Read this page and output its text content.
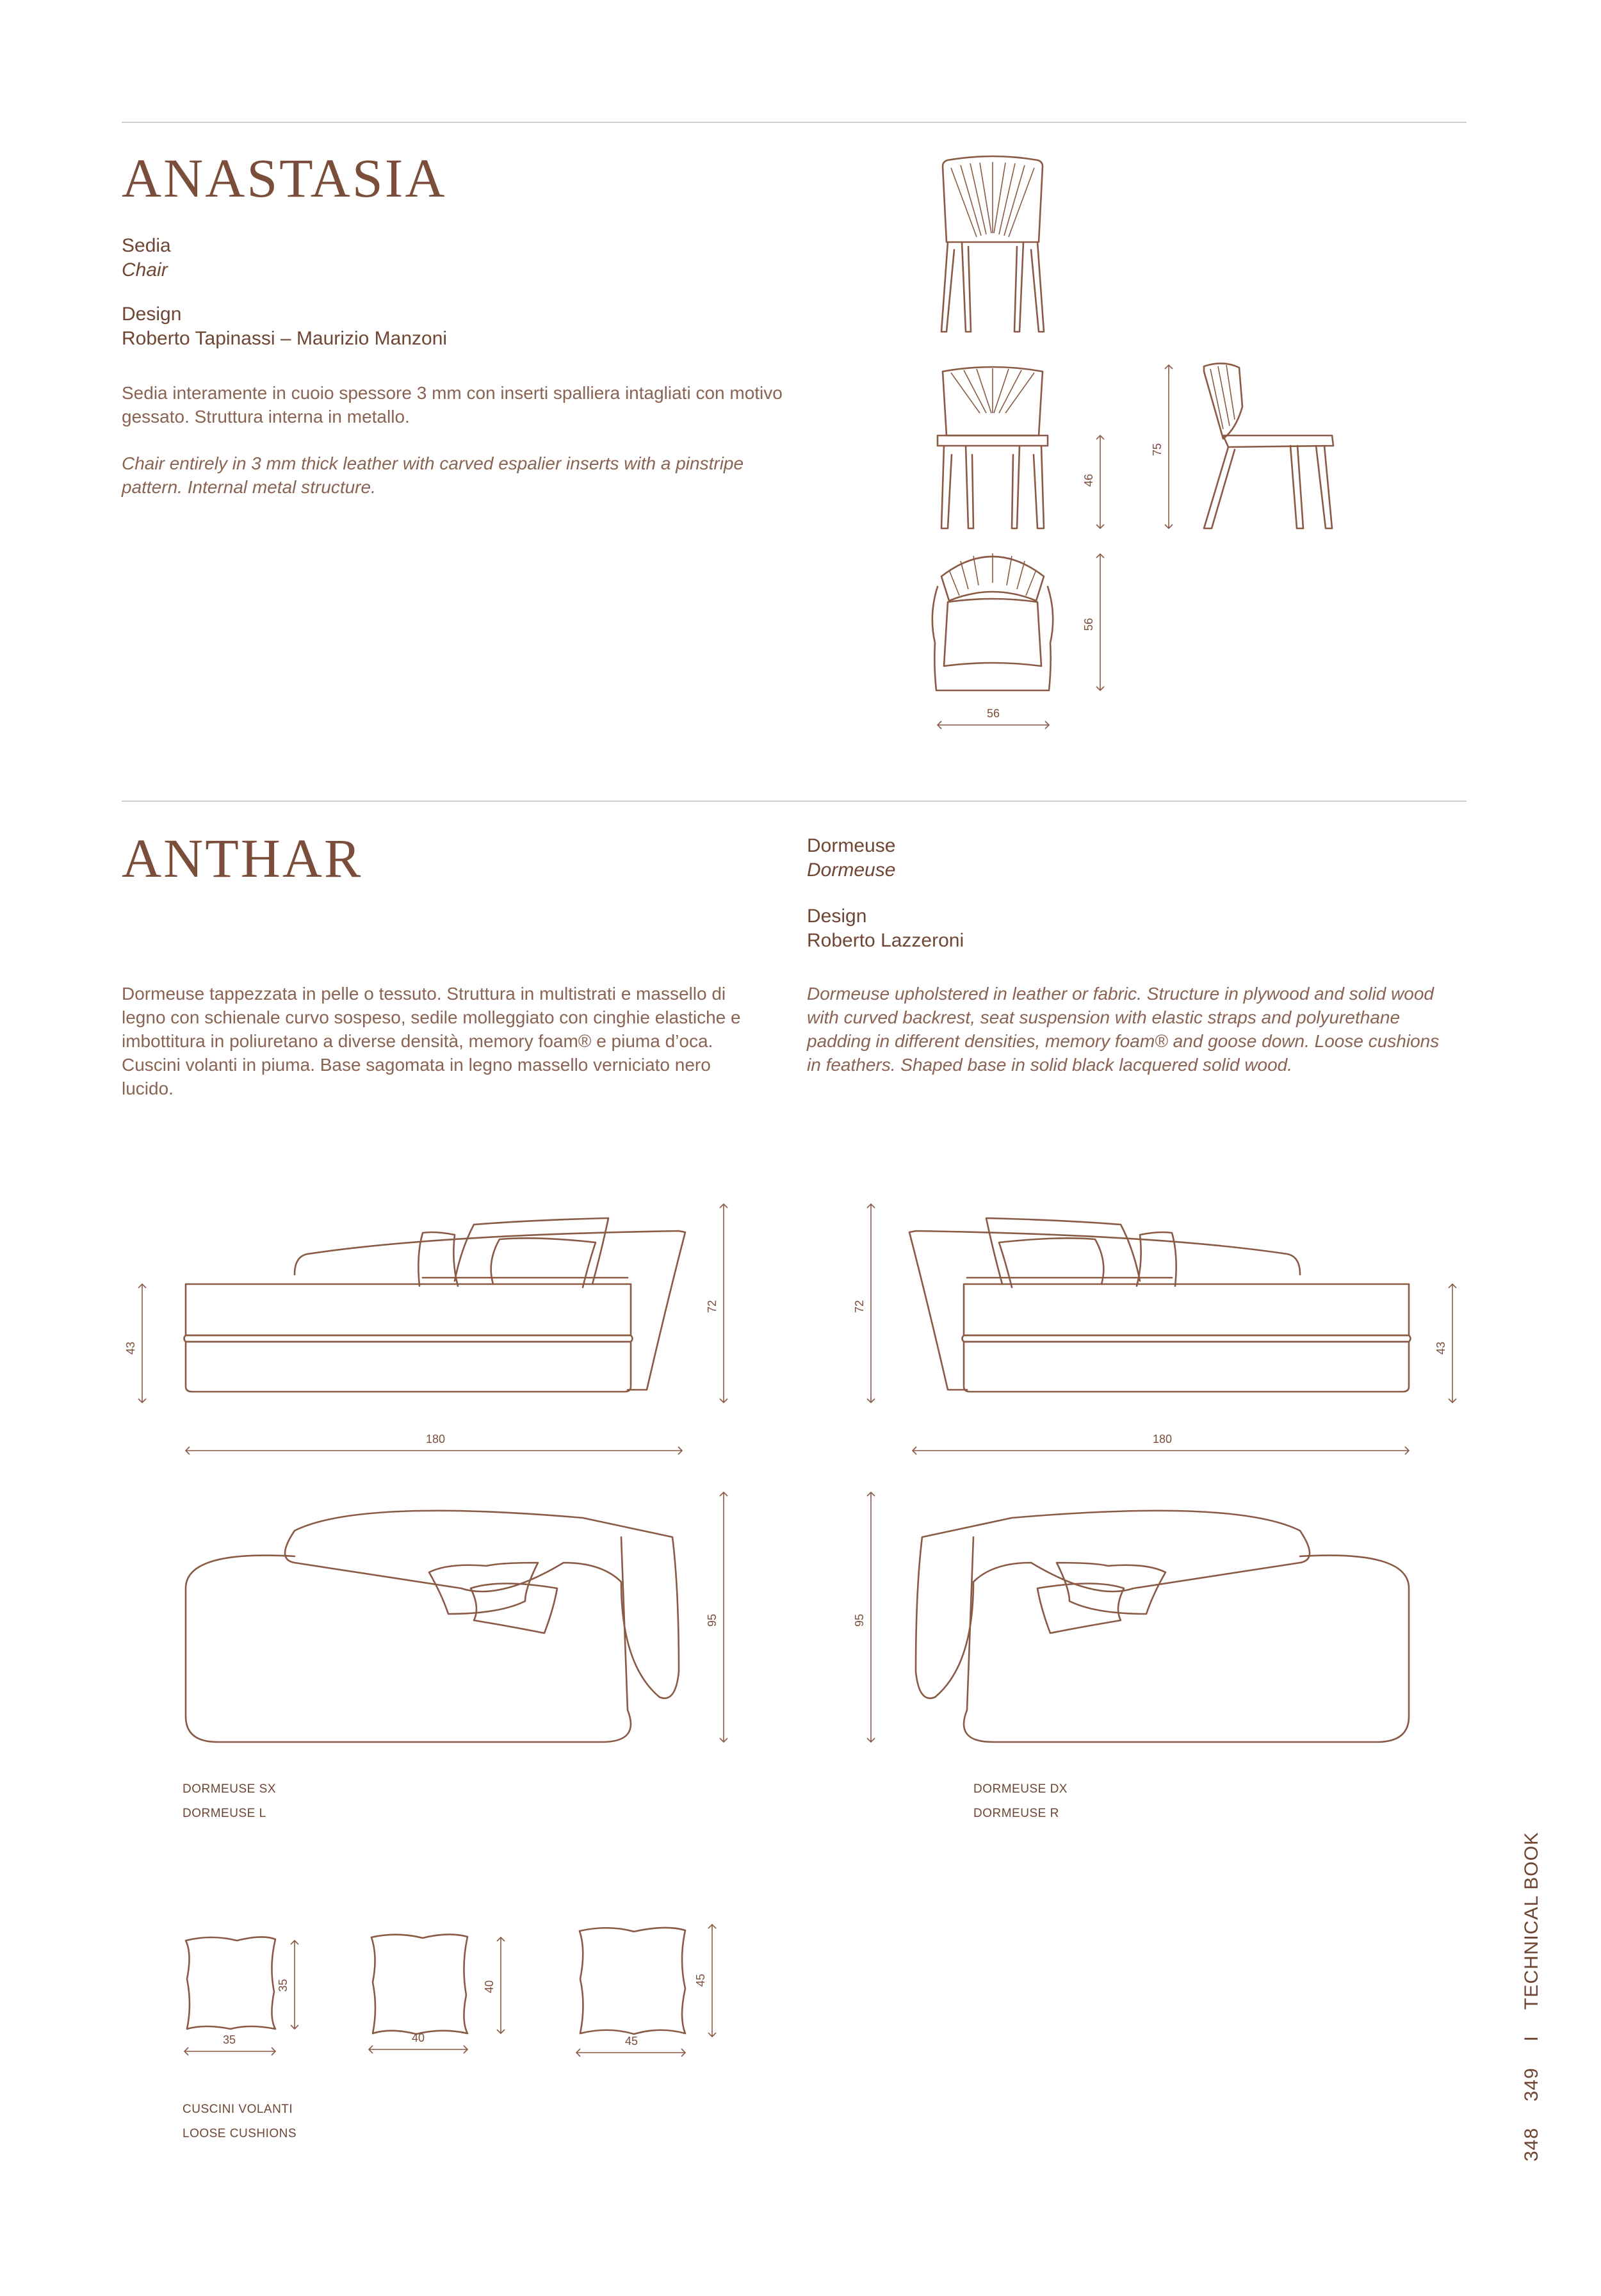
ANASTASIA
Sedia
Chair
Design
Roberto Tapinassi – Maurizio Manzoni
Sedia interamente in cuoio spessore 3 mm con inserti spalliera intagliati con motivo gessato. Struttura interna in metallo.
Chair entirely in 3 mm thick leather with carved espalier inserts with a pinstripe pattern. Internal metal structure.	46
75
56
56
ANTHAR	Dormeuse
Dormeuse
Design
Roberto Lazzeroni
Dormeuse tappezzata in pelle o tessuto. Struttura in multistrati e massello di legno con schienale curvo sospeso, sedile molleggiato con cinghie elastiche e imbottitura in poliuretano a diverse densità, memory foam® e piuma d’oca. Cuscini volanti in piuma. Base sagomata in legno massello verniciato nero lucido.
Dormeuse upholstered in leather or fabric. Structure in plywood and solid wood with curved backrest, seat suspension with elastic straps and polyurethane padding in different densities, memory foam® and goose down. Loose cushions in feathers. Shaped base in solid black lacquered solid wood.
43
72
180
95
DORMEUSE SX
DORMEUSE L
72
43
180
95
DORMEUSE DX
DORMEUSE R
35
35
40
40
45
45
CUSCINI VOLANTI
LOOSE CUSHIONS	348  349  I  TECHNICAL BOOK
